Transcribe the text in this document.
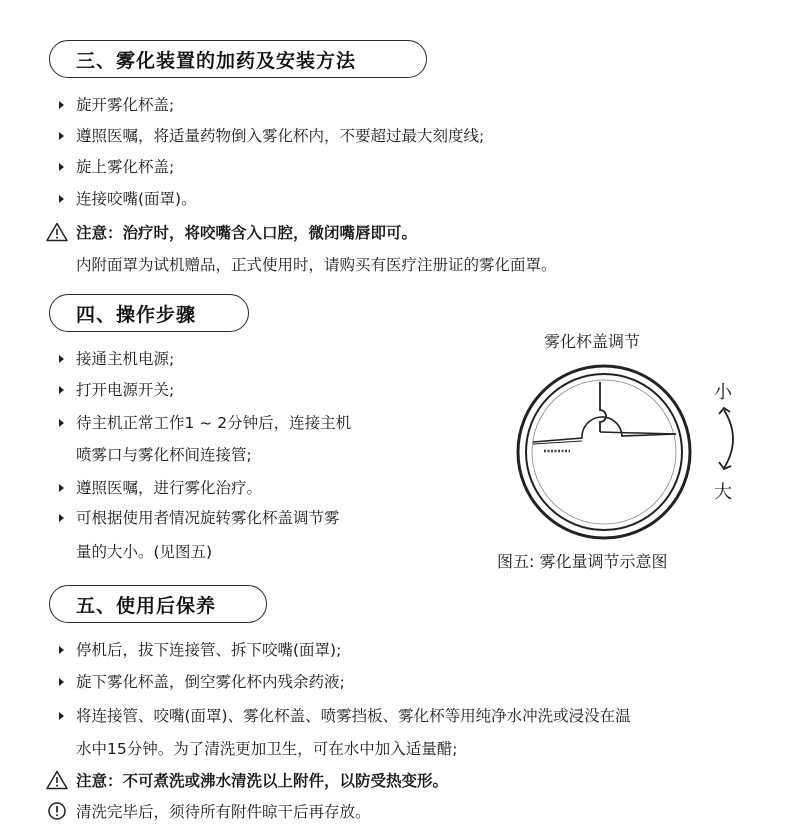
三、雾化装置的加药及安装方法
旋开雾化杯盖;
遵照医嘱，将适量药物倒入雾化杯内，不要超过最大刻度线;
旋上雾化杯盖;
连接咬嘴(面罩)。
注意：治疗时，将咬嘴含入口腔，微闭嘴唇即可。
内附面罩为试机赠品，正式使用时，请购买有医疗注册证的雾化面罩。
四、操作步骤
接通主机电源;
打开电源开关;
待主机正常工作1 ~ 2分钟后，连接主机
喷雾口与雾化杯间连接管;
遵照医嘱，进行雾化治疗。
可根据使用者情况旋转雾化杯盖调节雾
量的大小。(见图五)
雾化杯盖调节
小
大
图五: 雾化量调节示意图
五、使用后保养
停机后，拔下连接管、拆下咬嘴(面罩);
旋下雾化杯盖，倒空雾化杯内残余药液;
将连接管、咬嘴(面罩)、雾化杯盖、喷雾挡板、雾化杯等用纯净水冲洗或浸没在温
水中15分钟。为了清洗更加卫生，可在水中加入适量醋;
注意：不可煮洗或沸水清洗以上附件，以防受热变形。
清洗完毕后，须待所有附件晾干后再存放。
